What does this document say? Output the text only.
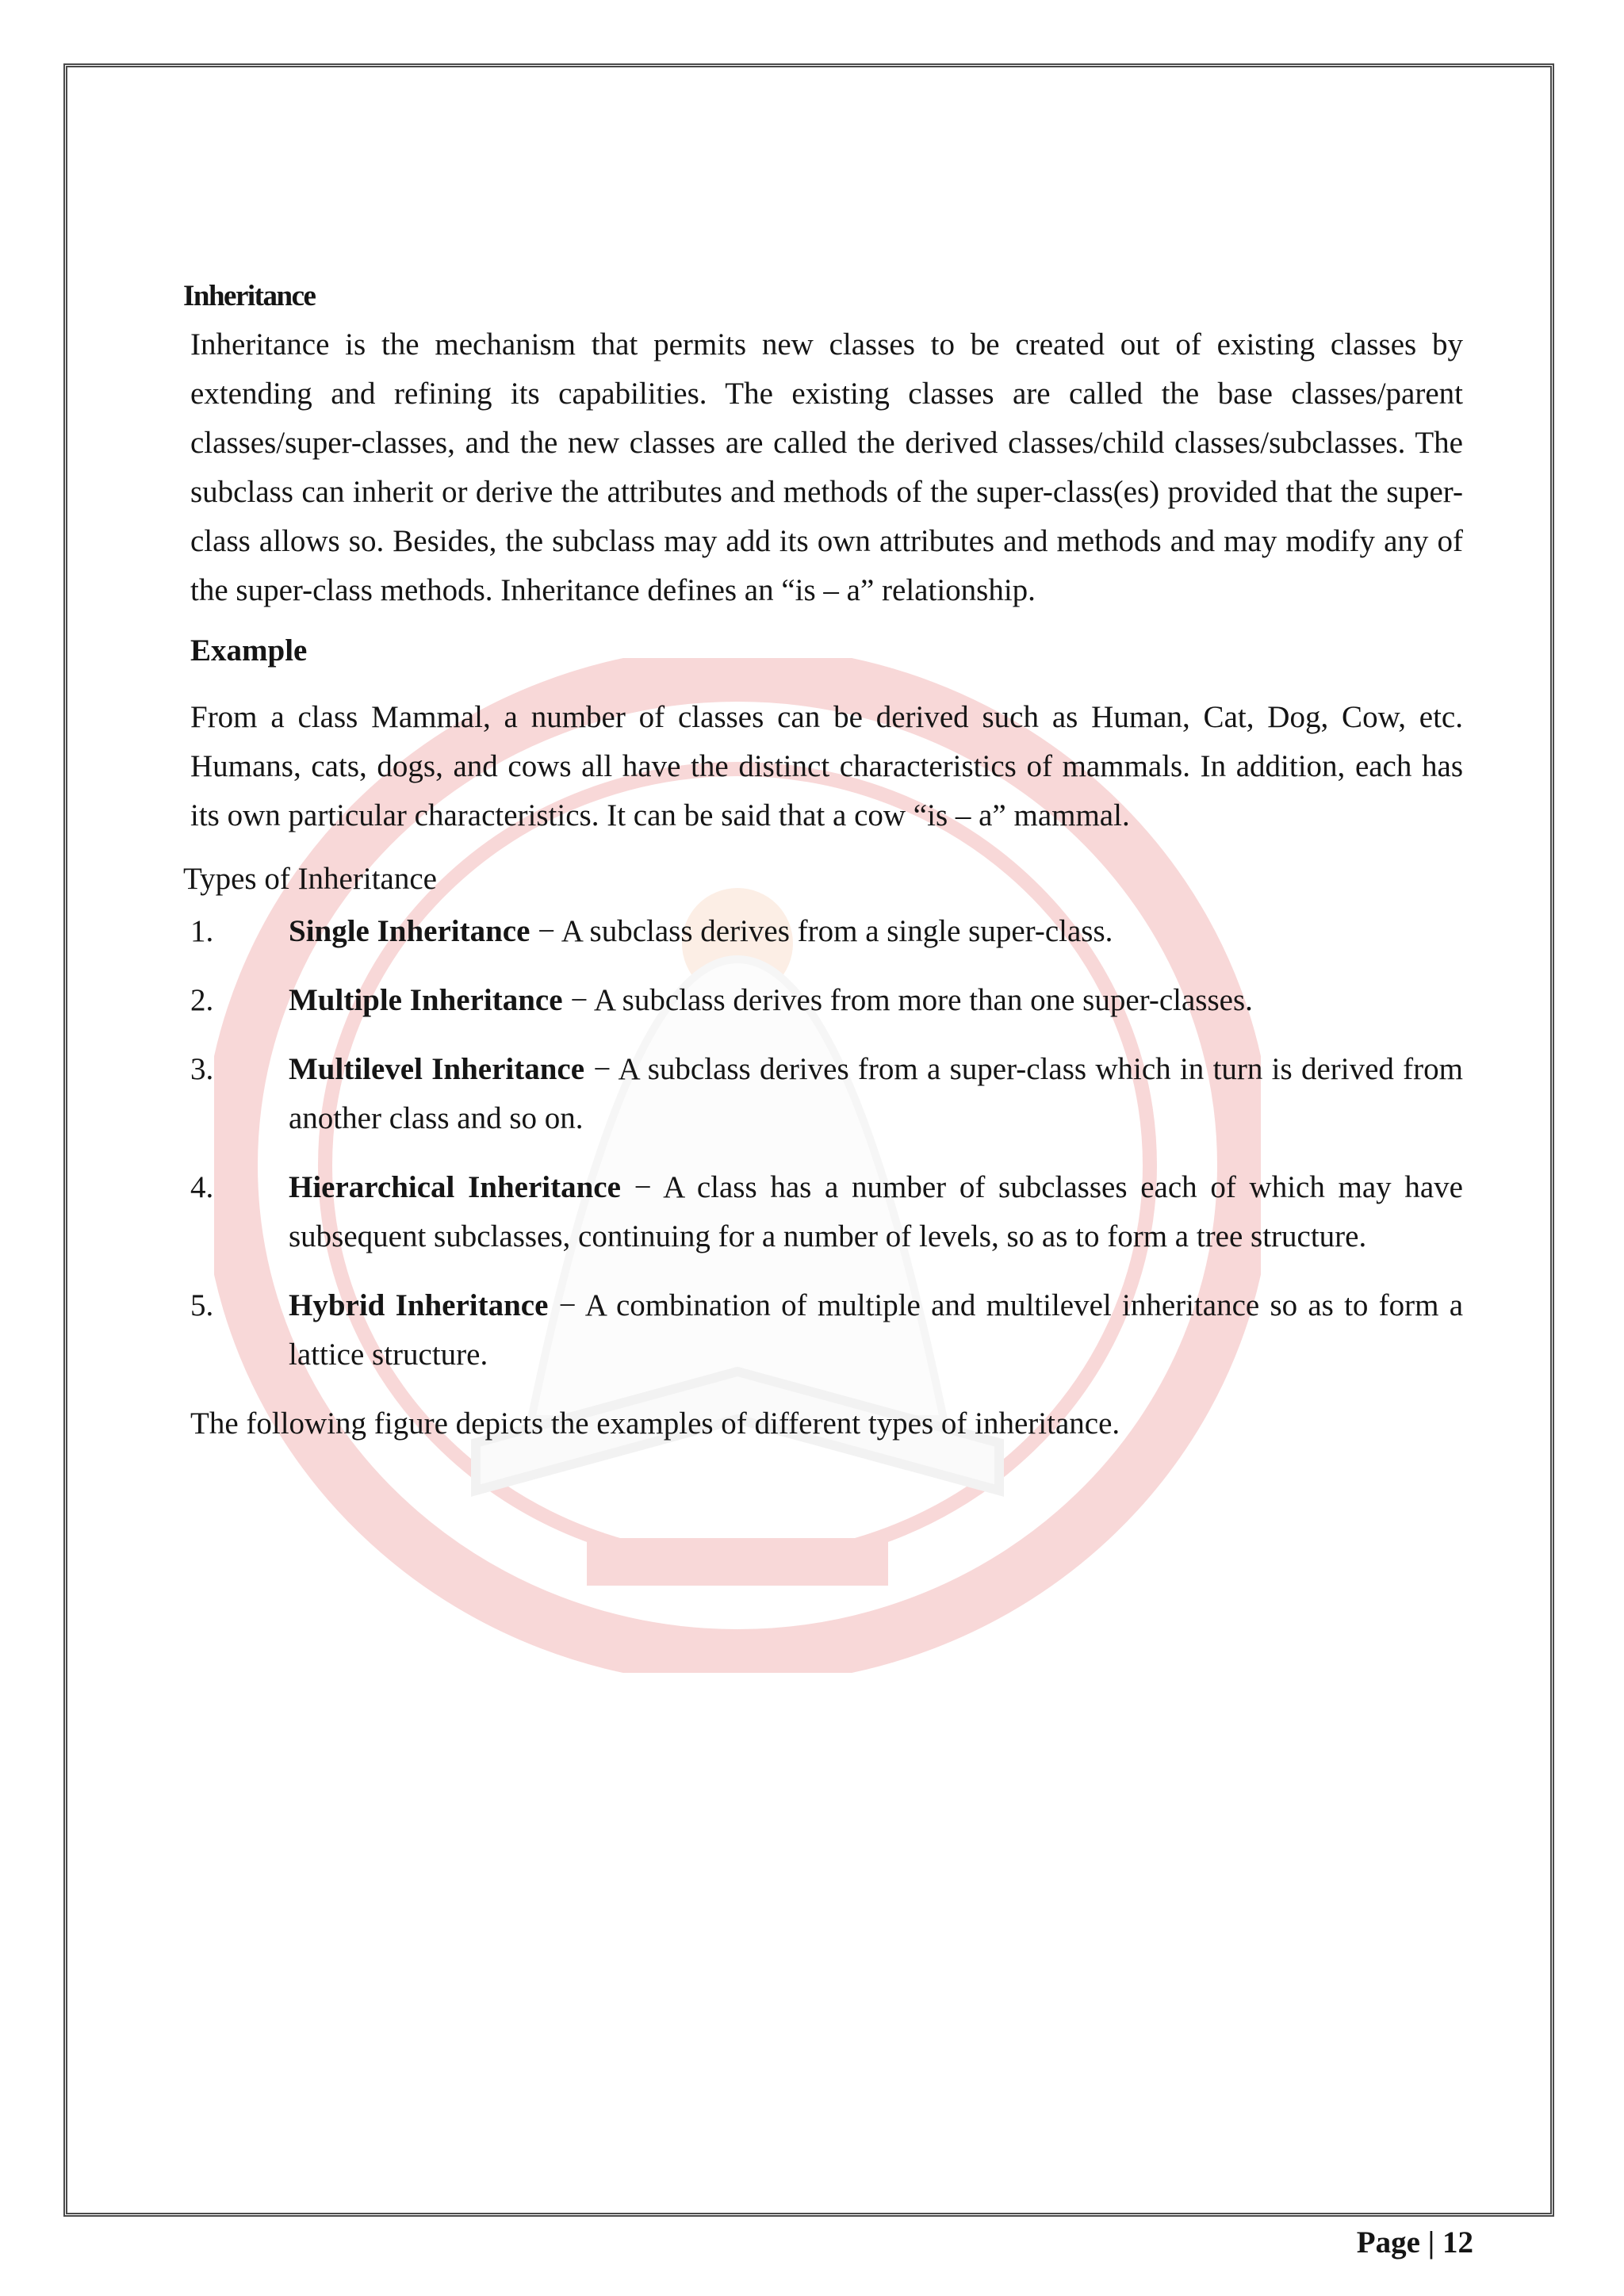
Inheritance

Inheritance is the mechanism that permits new classes to be created out of existing classes by extending and refining its capabilities. The existing classes are called the base classes/parent classes/super-classes, and the new classes are called the derived classes/child classes/subclasses. The subclass can inherit or derive the attributes and methods of the super-class(es) provided that the super-class allows so. Besides, the subclass may add its own attributes and methods and may modify any of the super-class methods. Inheritance defines an “is – a” relationship.

Example

From a class Mammal, a number of classes can be derived such as Human, Cat, Dog, Cow, etc. Humans, cats, dogs, and cows all have the distinct characteristics of mammals. In addition, each has its own particular characteristics. It can be said that a cow “is – a” mammal.

Types of Inheritance
1. Single Inheritance − A subclass derives from a single super-class.
2. Multiple Inheritance − A subclass derives from more than one super-classes.
3. Multilevel Inheritance − A subclass derives from a super-class which in turn is derived from another class and so on.
4. Hierarchical Inheritance − A class has a number of subclasses each of which may have subsequent subclasses, continuing for a number of levels, so as to form a tree structure.
5. Hybrid Inheritance − A combination of multiple and multilevel inheritance so as to form a lattice structure.

The following figure depicts the examples of different types of inheritance.

Page | 12
